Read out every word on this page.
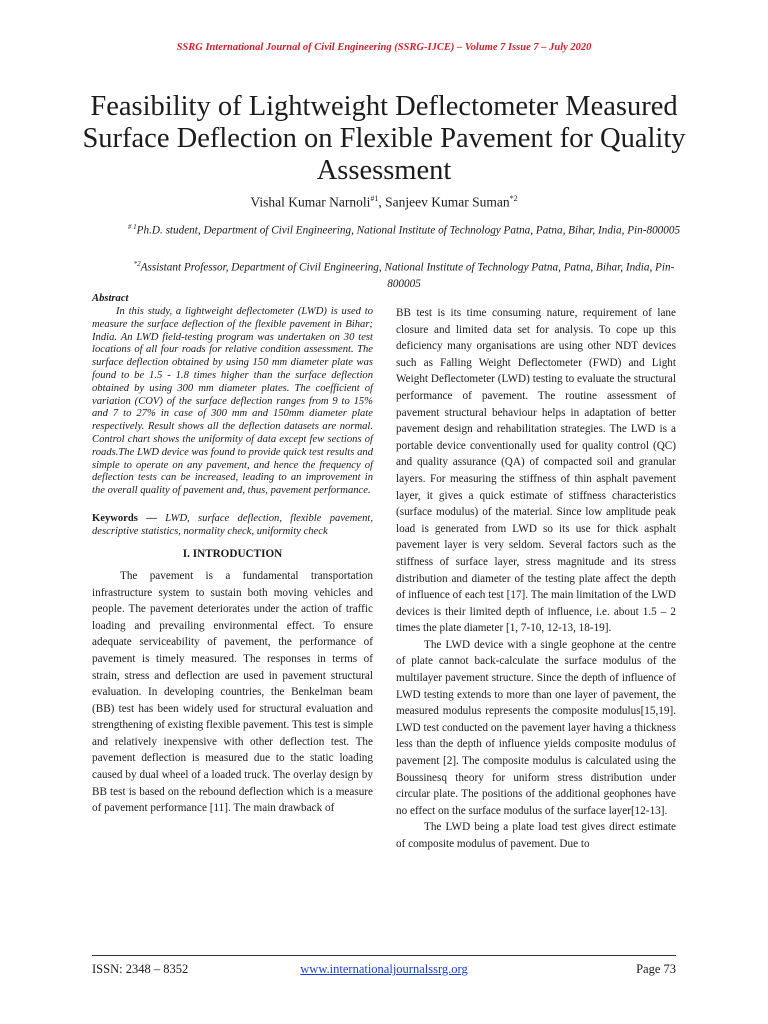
SSRG International Journal of Civil Engineering (SSRG-IJCE) – Volume 7 Issue 7 – July 2020
Feasibility of Lightweight Deflectometer Measured Surface Deflection on Flexible Pavement for Quality Assessment
Vishal Kumar Narnoli$^{\#1}$, Sanjeev Kumar Suman$^{*2}$
$^{\# 1}$Ph.D. student, Department of Civil Engineering, National Institute of Technology Patna, Patna, Bihar, India, Pin-800005
$^{*2}$Assistant Professor, Department of Civil Engineering, National Institute of Technology Patna, Patna, Bihar, India, Pin-800005

Abstract

In this study, a lightweight deflectometer (LWD) is used to measure the surface deflection of the flexible pavement in Bihar; India. An LWD field-testing program was undertaken on 30 test locations of all four roads for relative condition assessment. The surface deflection obtained by using 150 mm diameter plate was found to be 1.5 - 1.8 times higher than the surface deflection obtained by using 300 mm diameter plates. The coefficient of variation (COV) of the surface deflection ranges from 9 to 15% and 7 to 27% in case of 300 mm and 150mm diameter plate respectively. Result shows all the deflection datasets are normal. Control chart shows the uniformity of data except few sections of roads.The LWD device was found to provide quick test results and simple to operate on any pavement, and hence the frequency of deflection tests can be increased, leading to an improvement in the overall quality of pavement and, thus, pavement performance.

Keywords — LWD, surface deflection, flexible pavement, descriptive statistics, normality check, uniformity check

I. INTRODUCTION

The pavement is a fundamental transportation infrastructure system to sustain both moving vehicles and people. The pavement deteriorates under the action of traffic loading and prevailing environmental effect. To ensure adequate serviceability of pavement, the performance of pavement is timely measured. The responses in terms of strain, stress and deflection are used in pavement structural evaluation. In developing countries, the Benkelman beam (BB) test has been widely used for structural evaluation and strengthening of existing flexible pavement. This test is simple and relatively inexpensive with other deflection test. The pavement deflection is measured due to the static loading caused by dual wheel of a loaded truck. The overlay design by BB test is based on the rebound deflection which is a measure of pavement performance [11]. The main drawback of

BB test is its time consuming nature, requirement of lane closure and limited data set for analysis. To cope up this deficiency many organisations are using other NDT devices such as Falling Weight Deflectometer (FWD) and Light Weight Deflectometer (LWD) testing to evaluate the structural performance of pavement. The routine assessment of pavement structural behaviour helps in adaptation of better pavement design and rehabilitation strategies. The LWD is a portable device conventionally used for quality control (QC) and quality assurance (QA) of compacted soil and granular layers. For measuring the stiffness of thin asphalt pavement layer, it gives a quick estimate of stiffness characteristics (surface modulus) of the material. Since low amplitude peak load is generated from LWD so its use for thick asphalt pavement layer is very seldom. Several factors such as the stiffness of surface layer, stress magnitude and its stress distribution and diameter of the testing plate affect the depth of influence of each test [17]. The main limitation of the LWD devices is their limited depth of influence, i.e. about 1.5 – 2 times the plate diameter [1, 7-10, 12-13, 18-19].

The LWD device with a single geophone at the centre of plate cannot back-calculate the surface modulus of the multilayer pavement structure. Since the depth of influence of LWD testing extends to more than one layer of pavement, the measured modulus represents the composite modulus[15,19]. LWD test conducted on the pavement layer having a thickness less than the depth of influence yields composite modulus of pavement [2]. The composite modulus is calculated using the Boussinesq theory for uniform stress distribution under circular plate. The positions of the additional geophones have no effect on the surface modulus of the surface layer[12-13].

The LWD being a plate load test gives direct estimate of composite modulus of pavement. Due to

ISSN: 2348 – 8352	www.internationaljournalssrg.org	Page 73
